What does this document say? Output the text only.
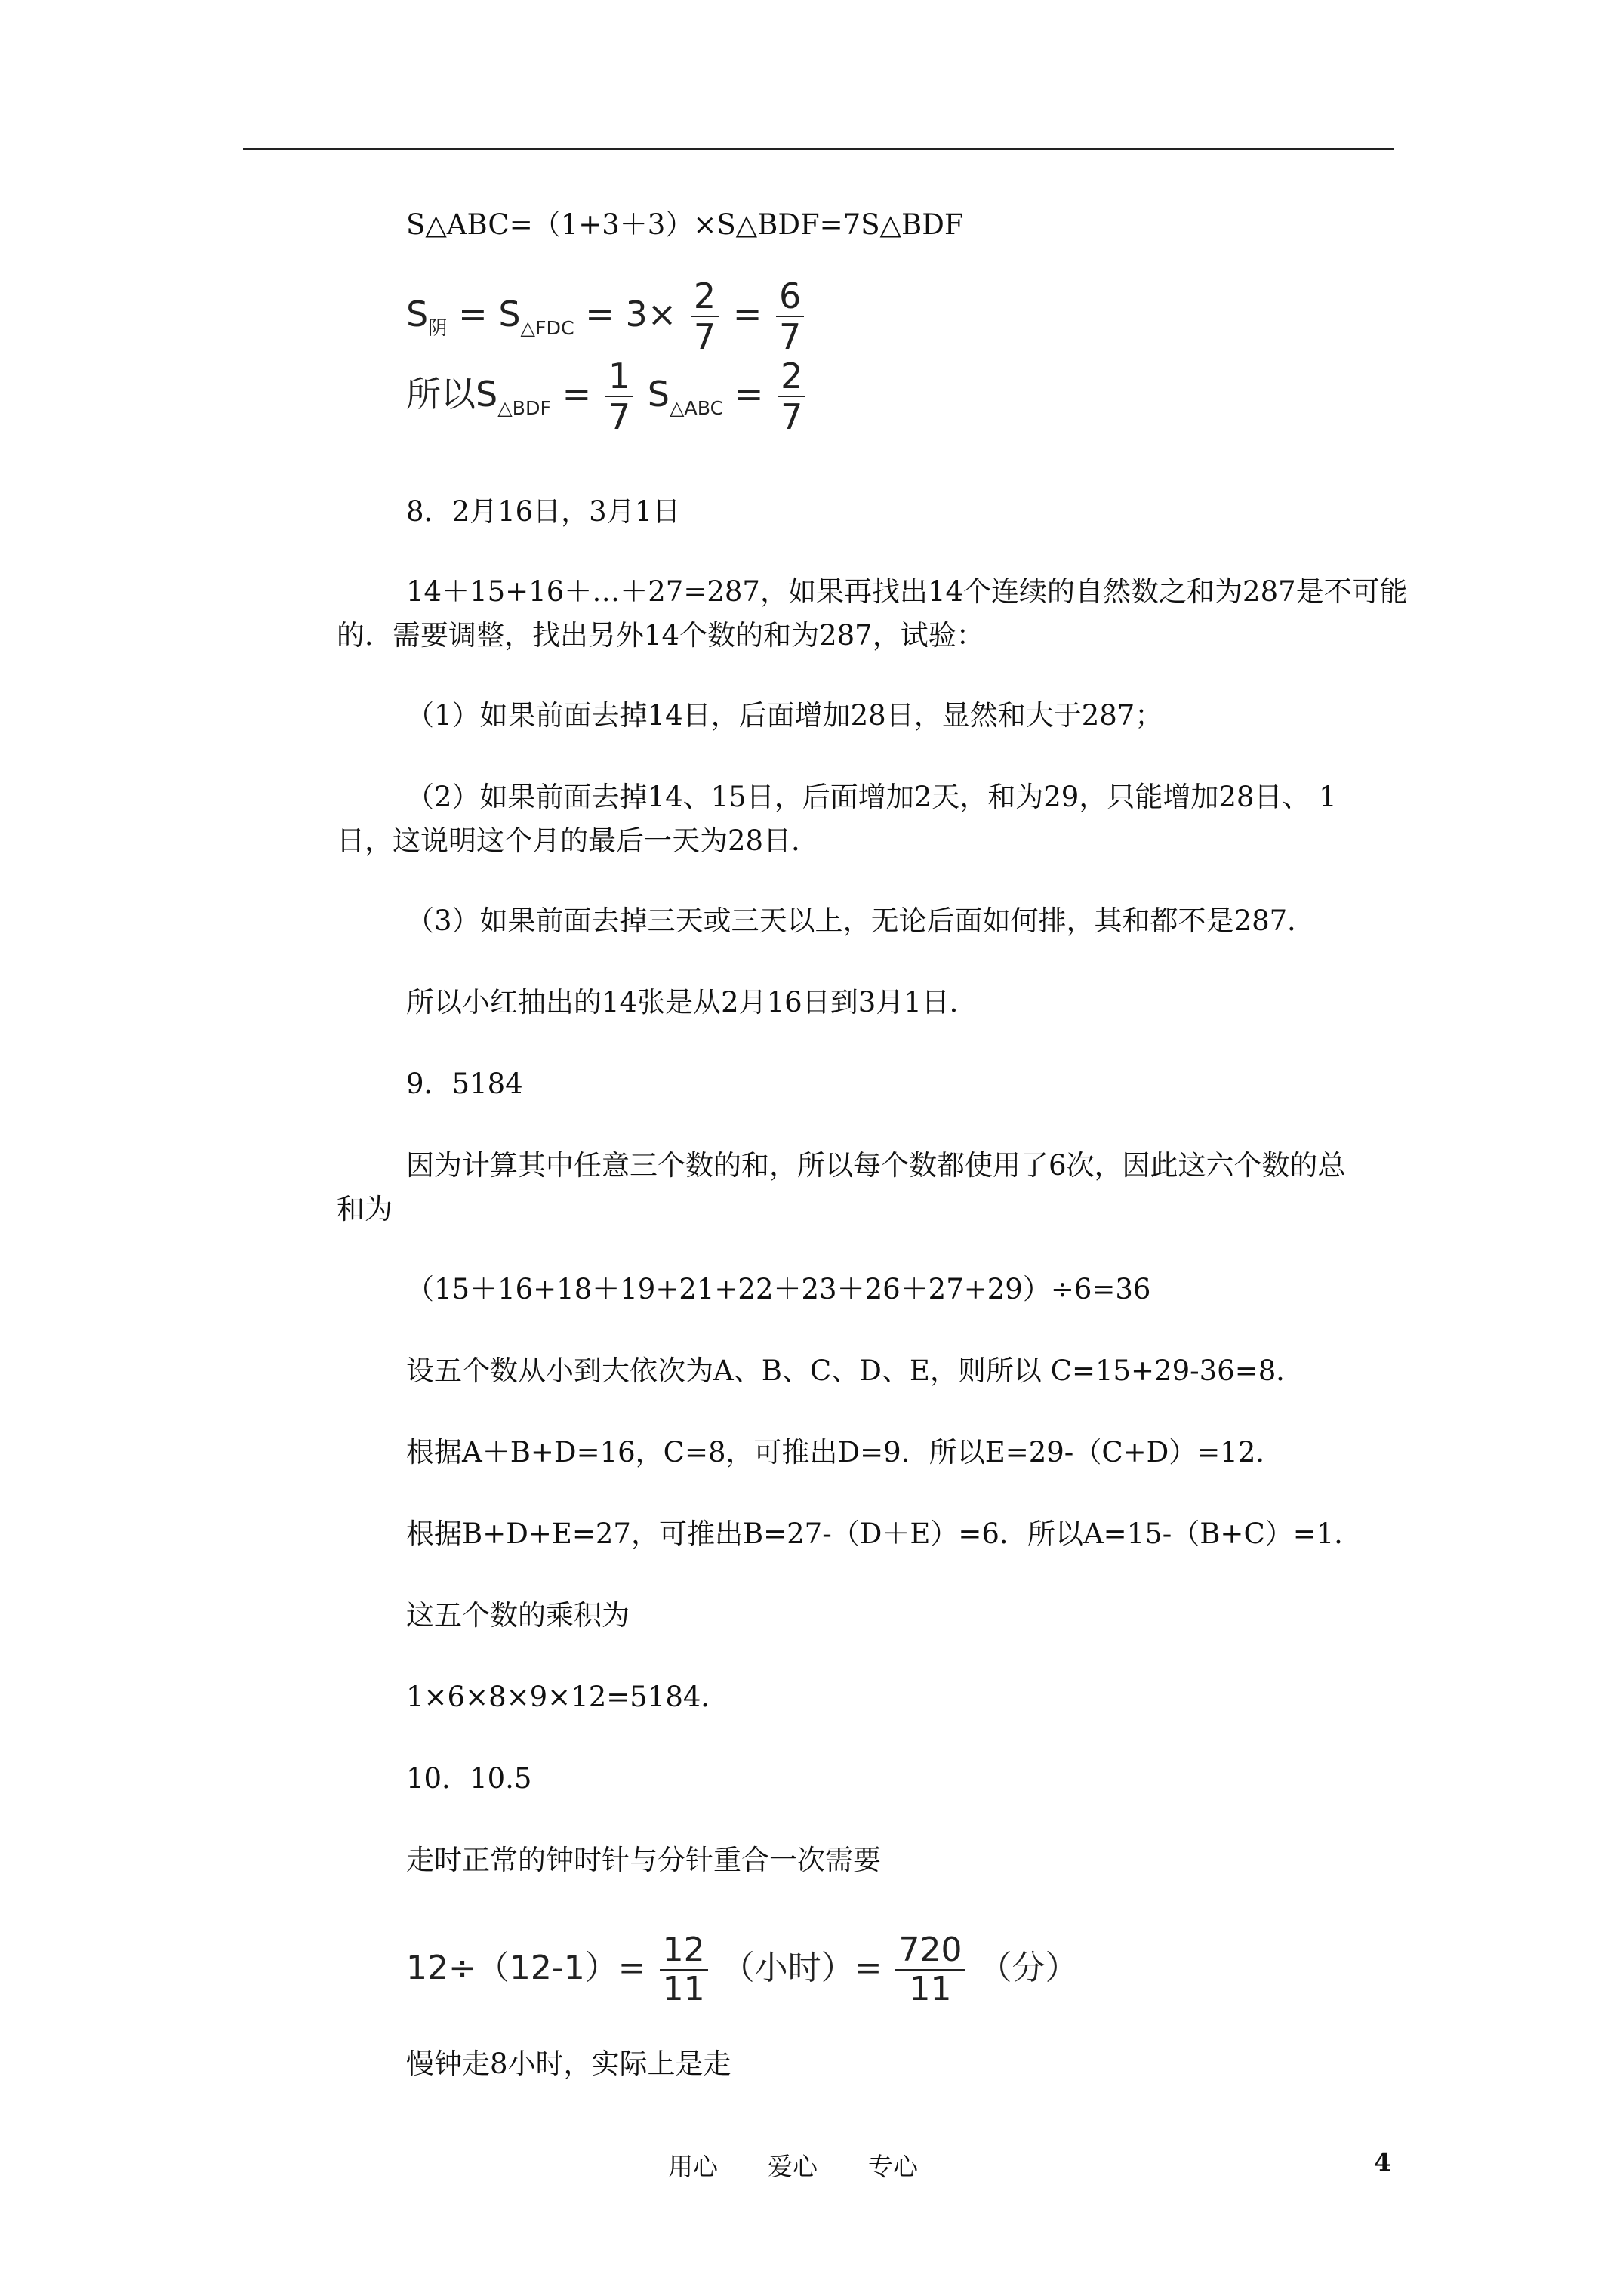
S△ABC=（1+3＋3）×S△BDF=7S△BDF
$S_阴 = S_{\triangle FDC} = 3\times \frac{2}{7} = \frac{6}{7}$
所以$S_{\triangle BDF} = \frac{1}{7} S_{\triangle ABC} = \frac{2}{7}$
8．2月16日，3月1日
14＋15+16＋…＋27=287，如果再找出14个连续的自然数之和为287是不可能
的．需要调整，找出另外14个数的和为287，试验：
（1）如果前面去掉14日，后面增加28日，显然和大于287；
（2）如果前面去掉14、15日，后面增加2天，和为29，只能增加28日、 1
日，这说明这个月的最后一天为28日．
（3）如果前面去掉三天或三天以上，无论后面如何排，其和都不是287．
所以小红抽出的14张是从2月16日到3月1日．
9．5184
因为计算其中任意三个数的和，所以每个数都使用了6次，因此这六个数的总
和为
（15＋16+18＋19+21+22＋23＋26＋27+29）÷6=36
设五个数从小到大依次为A、B、C、D、E，则所以 C=15+29-36=8．
根据A＋B+D=16，C=8，可推出D=9．所以E=29-（C+D）=12．
根据B+D+E=27，可推出B=27-（D＋E）=6．所以A=15-（B+C）=1．
这五个数的乘积为
1×6×8×9×12=5184．
10．10.5
走时正常的钟时针与分针重合一次需要
$12\div(12-1)= \frac{12}{11}$ （小时）= $\frac{720}{11}$ （分）
慢钟走8小时，实际上是走
用心 爱心 专心	4
